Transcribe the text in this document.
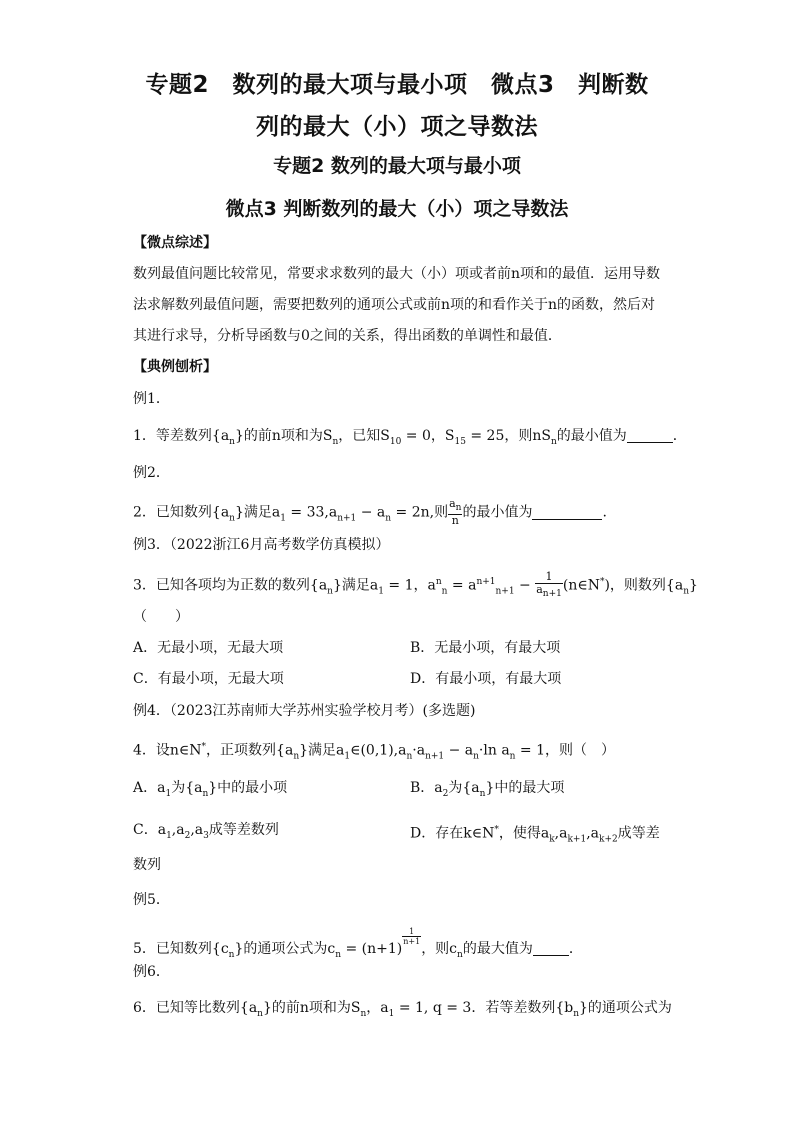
专题2　数列的最大项与最小项　微点3　判断数
列的最大（小）项之导数法
专题2 数列的最大项与最小项
微点3 判断数列的最大（小）项之导数法
【微点综述】
数列最值问题比较常见，常要求求数列的最大（小）项或者前n项和的最值．运用导数
法求解数列最值问题，需要把数列的通项公式或前n项的和看作关于n的函数，然后对
其进行求导，分析导函数与0之间的关系，得出函数的单调性和最值．
【典例刨析】
例1．
1．等差数列$\{a_n\}$的前n项和为$S_n$，已知$S_{10} = 0$，$S_{15} = 25$，则$nS_n$的最小值为	．
例2．
2．已知数列$\{a_n\}$满足$a_1 = 33,a_{n+1} - a_n = 2n$,则 $\frac{a_n}{n}$ 的最小值为	.
例3．（2022浙江6月高考数学仿真模拟）
3．已知各项均为正数的数列$\{a_n\}$满足$a_1 = 1$，$a^n_n = a^{n+1}_{n+1} - \frac{1}{a_{n+1}}$ (n∈N*)，则数列$\{a_n\}$
（　　）
A．无最小项，无最大项	B．无最小项，有最大项
C．有最小项，无最大项	D．有最小项，有最大项
例4．（2023江苏南师大学苏州实验学校月考）(多选题)
4．设n∈N*，正项数列$\{a_n\}$满足$a_1\in(0,1),a_n\cdot a_{n+1} - a_n\cdot\ln$ $a_n = 1$，则（　）
A．$a_1$为$\{a_n\}$中的最小项	B．$a_2$为$\{a_n\}$中的最大项
C．$a_1,a_2,a_3$成等差数列	D．存在k∈N*，使得$a_k,a_{k+1},a_{k+2}$成等差
数列
例5．
5．已知数列$\{c_n\}$的通项公式为$c_n = (n+1)$
$\frac{1}{n+1}$
，则$c_n$的最大值为	．
例6．
6．已知等比数列$\{a_n\}$的前n项和为$S_n$，$a_1 = 1$, q = 3．若等差数列$\{b_n\}$的通项公式为
